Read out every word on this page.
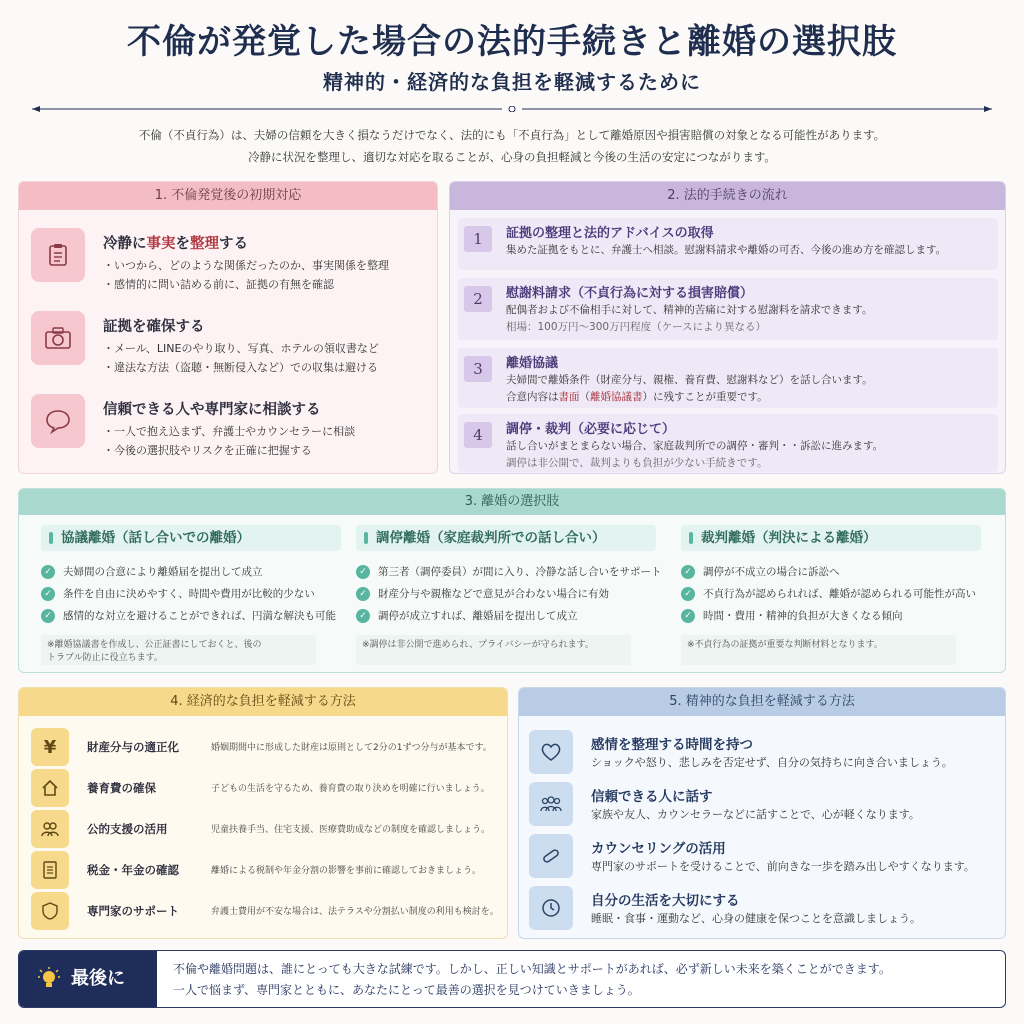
不倫が発覚した場合の法的手続きと離婚の選択肢
精神的・経済的な負担を軽減するために
不倫（不貞行為）は、夫婦の信頼を大きく損なうだけでなく、法的にも「不貞行為」として離婚原因や損害賠償の対象となる可能性があります。
冷静に状況を整理し、適切な対応を取ることが、心身の負担軽減と今後の生活の安定につながります。
1. 不倫発覚後の初期対応
冷静に事実を整理する
・いつから、どのような関係だったのか、事実関係を整理
・感情的に問い詰める前に、証拠の有無を確認
証拠を確保する
・メール、LINEのやり取り、写真、ホテルの領収書など
・違法な方法（盗聴・無断侵入など）での収集は避ける
信頼できる人や専門家に相談する
・一人で抱え込まず、弁護士やカウンセラーに相談
・今後の選択肢やリスクを正確に把握する
2. 法的手続きの流れ
1	証拠の整理と法的アドバイスの取得
集めた証拠をもとに、弁護士へ相談。慰謝料請求や離婚の可否、今後の進め方を確認します。
2	慰謝料請求（不貞行為に対する損害賠償）
配偶者および不倫相手に対して、精神的苦痛に対する慰謝料を請求できます。
相場：100万円〜300万円程度（ケースにより異なる）
3	離婚協議
夫婦間で離婚条件（財産分与、親権、養育費、慰謝料など）を話し合います。
合意内容は書面（離婚協議書）に残すことが重要です。
4	調停・裁判（必要に応じて）
話し合いがまとまらない場合、家庭裁判所での調停・審判・・訴訟に進みます。
調停は非公開で、裁判よりも負担が少ない手続きです。
3. 離婚の選択肢
協議離婚（話し合いでの離婚）
✓	夫婦間の合意により離婚届を提出して成立
✓	条件を自由に決めやすく、時間や費用が比較的少ない
✓	感情的な対立を避けることができれば、円満な解決も可能
※離婚協議書を作成し、公正証書にしておくと、後の
トラブル防止に役立ちます。
調停離婚（家庭裁判所での話し合い）
✓	第三者（調停委員）が間に入り、冷静な話し合いをサポート
✓	財産分与や親権などで意見が合わない場合に有効
✓	調停が成立すれば、離婚届を提出して成立
※調停は非公開で進められ、プライバシーが守られます。
裁判離婚（判決による離婚）
✓	調停が不成立の場合に訴訟へ
✓	不貞行為が認められれば、離婚が認められる可能性が高い
✓	時間・費用・精神的負担が大きくなる傾向
※不貞行為の証拠が重要な判断材料となります。
4. 経済的な負担を軽減する方法
¥	財産分与の適正化	婚姻期間中に形成した財産は原則として2分の1ずつ分与が基本です。
養育費の確保	子どもの生活を守るため、養育費の取り決めを明確に行いましょう。
公的支援の活用	児童扶養手当、住宅支援、医療費助成などの制度を確認しましょう。
税金・年金の確認	離婚による税制や年金分割の影響を事前に確認しておきましょう。
専門家のサポート	弁護士費用が不安な場合は、法テラスや分割払い制度の利用も検討を。
5. 精神的な負担を軽減する方法
感情を整理する時間を持つ
ショックや怒り、悲しみを否定せず、自分の気持ちに向き合いましょう。
信頼できる人に話す
家族や友人、カウンセラーなどに話すことで、心が軽くなります。
カウンセリングの活用
専門家のサポートを受けることで、前向きな一歩を踏み出しやすくなります。
自分の生活を大切にする
睡眠・食事・運動など、心身の健康を保つことを意識しましょう。
最後に	不倫や離婚問題は、誰にとっても大きな試練です。しかし、正しい知識とサポートがあれば、必ず新しい未来を築くことができます。
一人で悩まず、専門家とともに、あなたにとって最善の選択を見つけていきましょう。
